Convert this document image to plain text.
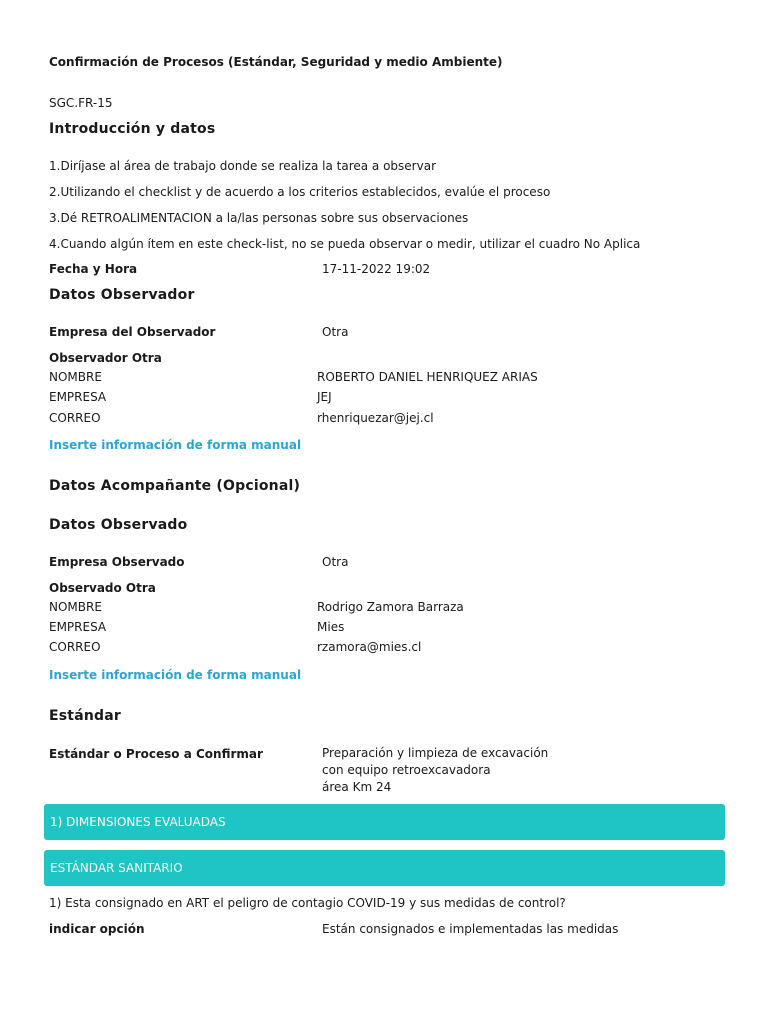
Confirmación de Procesos (Estándar, Seguridad y medio Ambiente)
SGC.FR-15
Introducción y datos
1.Diríjase al área de trabajo donde se realiza la tarea a observar
2.Utilizando el checklist y de acuerdo a los criterios establecidos, evalúe el proceso
3.Dé RETROALIMENTACION a la/las personas sobre sus observaciones
4.Cuando algún ítem en este check-list, no se pueda observar o medir, utilizar el cuadro No Aplica
Fecha y Hora	17-11-2022 19:02
Datos Observador
Empresa del Observador	Otra
Observador Otra
NOMBRE	ROBERTO DANIEL HENRIQUEZ ARIAS
EMPRESA	JEJ
CORREO	rhenriquezar@jej.cl
Inserte información de forma manual
Datos Acompañante (Opcional)
Datos Observado
Empresa Observado	Otra
Observado Otra
NOMBRE	Rodrigo Zamora Barraza
EMPRESA	Mies
CORREO	rzamora@mies.cl
Inserte información de forma manual
Estándar
Estándar o Proceso a Confirmar	Preparación y limpieza de excavación
con equipo retroexcavadora
área Km 24
1) DIMENSIONES EVALUADAS
ESTÁNDAR SANITARIO
1) Esta consignado en ART el peligro de contagio COVID-19 y sus medidas de control?
indicar opción	Están consignados e implementadas las medidas
